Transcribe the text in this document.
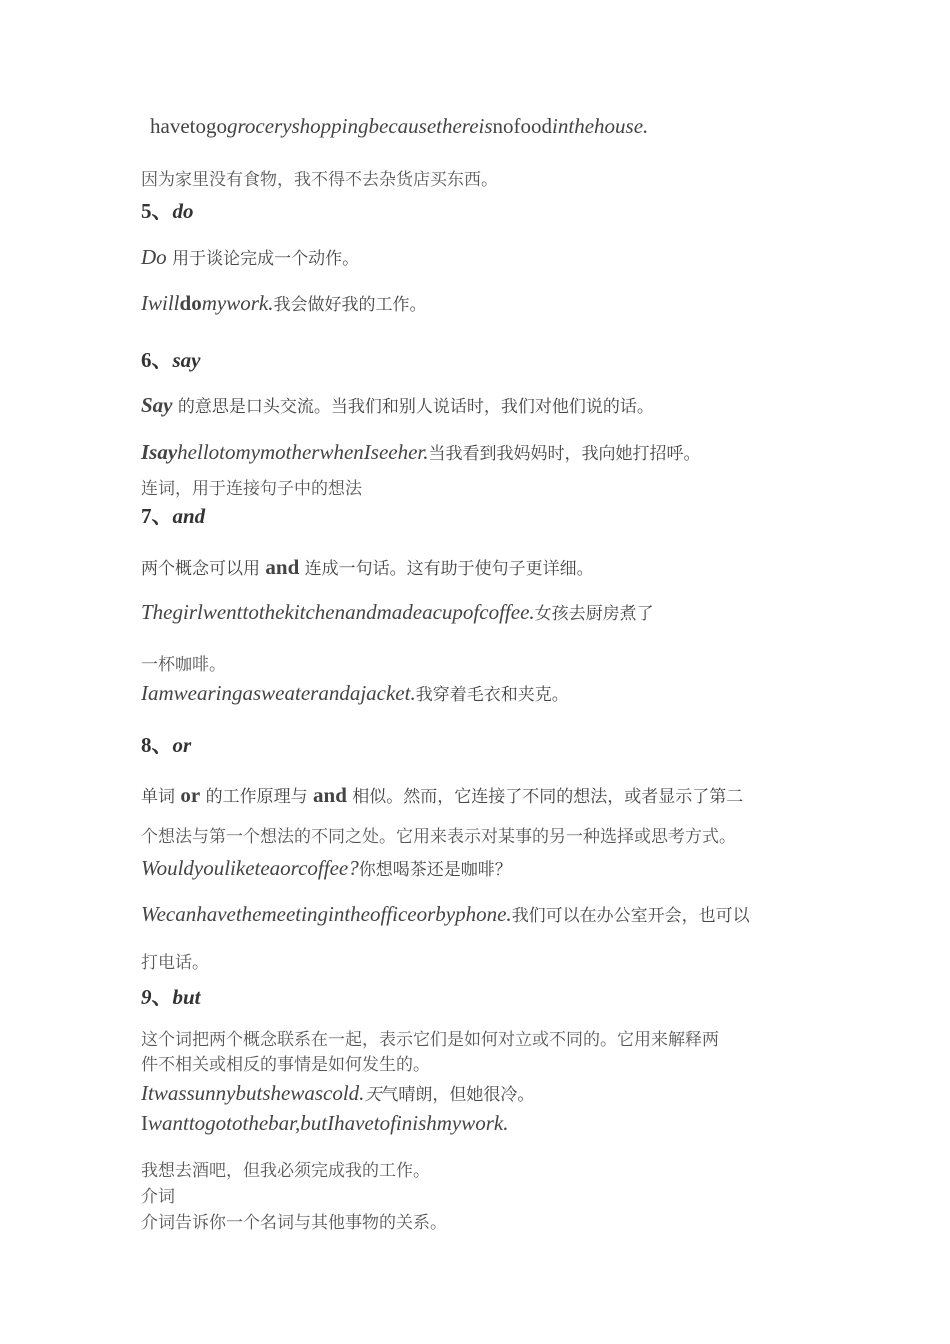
havetogogroceryshoppingbecausethereisnofoodinthehouse.
因为家里没有食物，我不得不去杂货店买东西。
5、do
Do 用于谈论完成一个动作。
Iwilldomywork.我会做好我的工作。
6、say
Say 的意思是口头交流。当我们和别人说话时，我们对他们说的话。
IsayhellotomymotherwhenIseeher.当我看到我妈妈时，我向她打招呼。
连词，用于连接句子中的想法
7、and
两个概念可以用 and 连成一句话。这有助于使句子更详细。
Thegirlwenttothekitchenandmadeacupofcoffee.女孩去厨房煮了
一杯咖啡。
Iamwearingasweaterandajacket.我穿着毛衣和夹克。
8、or
单词 or 的工作原理与 and 相似。然而，它连接了不同的想法，或者显示了第二
个想法与第一个想法的不同之处。它用来表示对某事的另一种选择或思考方式。
Wouldyouliketeaorcoffee?你想喝茶还是咖啡？
Wecanhavethemeetingintheofficeorbyphone.我们可以在办公室开会，也可以
打电话。
9、but
这个词把两个概念联系在一起，表示它们是如何对立或不同的。它用来解释两
件不相关或相反的事情是如何发生的。
Itwassunnybutshewascold.天气晴朗，但她很冷。
Iwanttogotothebar,butIhavetofinishmywork.
我想去酒吧，但我必须完成我的工作。
介词
介词告诉你一个名词与其他事物的关系。
